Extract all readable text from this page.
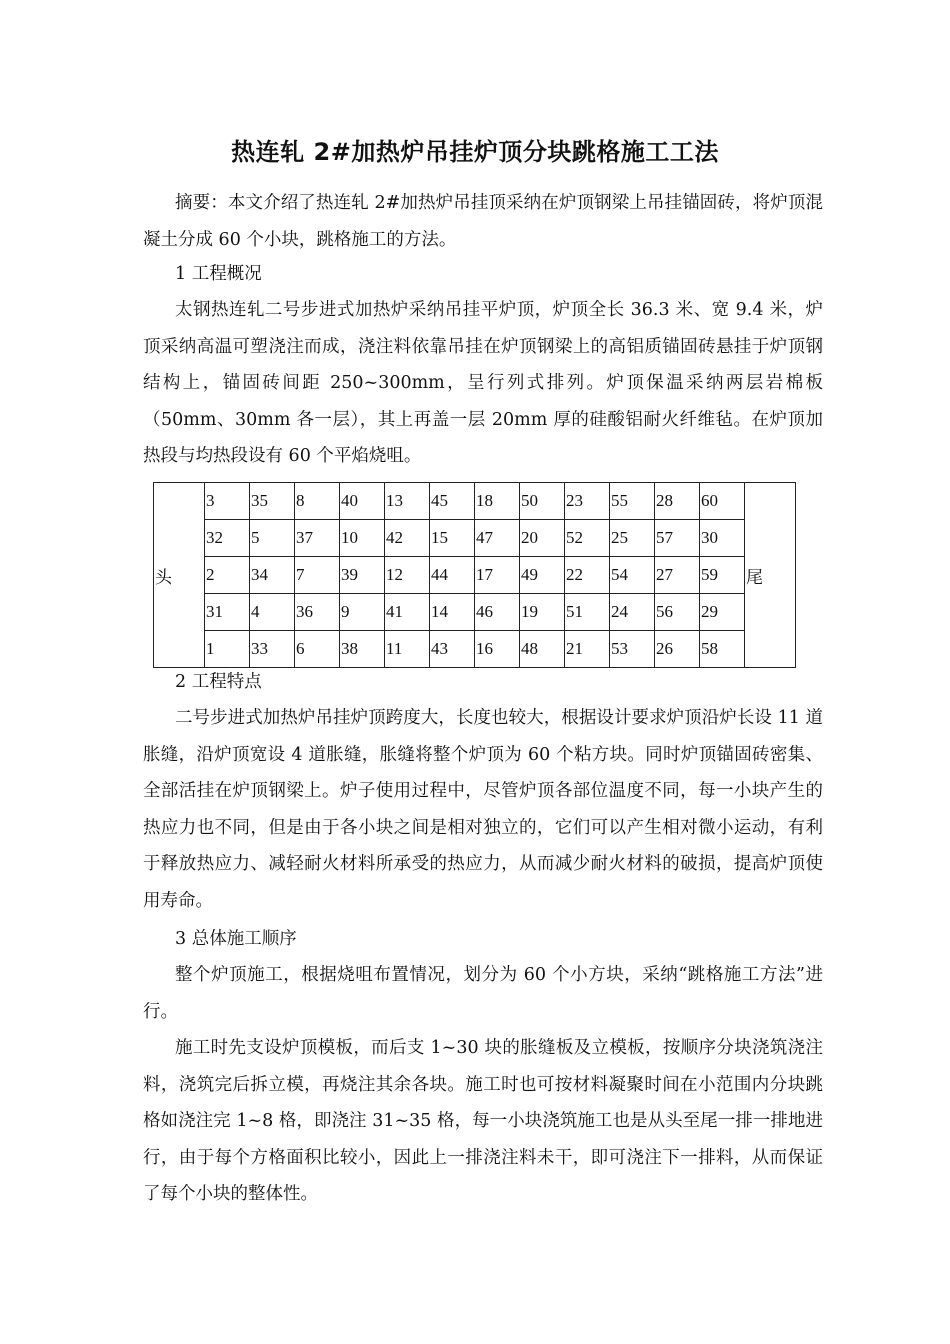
热连轧 2#加热炉吊挂炉顶分块跳格施工工法

摘要：本文介绍了热连轧 2#加热炉吊挂顶采纳在炉顶钢梁上吊挂锚固砖，将炉顶混凝土分成 60 个小块，跳格施工的方法。

1 工程概况

太钢热连轧二号步进式加热炉采纳吊挂平炉顶，炉顶全长 36.3 米、宽 9.4 米，炉顶采纳高温可塑浇注而成，浇注料依靠吊挂在炉顶钢梁上的高铝质锚固砖悬挂于炉顶钢结构上，锚固砖间距 250~300mm，呈行列式排列。炉顶保温采纳两层岩棉板（50mm、30mm 各一层），其上再盖一层 20mm 厚的硅酸铝耐火纤维毡。在炉顶加热段与均热段设有 60 个平焰烧咀。

头	3	35	8	40	13	45	18	50	23	55	28	60	尾
	32	5	37	10	42	15	47	20	52	25	57	30	
	2	34	7	39	12	44	17	49	22	54	27	59	
	31	4	36	9	41	14	46	19	51	24	56	29	
	1	33	6	38	11	43	16	48	21	53	26	58	

2 工程特点

二号步进式加热炉吊挂炉顶跨度大，长度也较大，根据设计要求炉顶沿炉长设 11 道胀缝，沿炉顶宽设 4 道胀缝，胀缝将整个炉顶为 60 个粘方块。同时炉顶锚固砖密集、全部活挂在炉顶钢梁上。炉子使用过程中，尽管炉顶各部位温度不同，每一小块产生的热应力也不同，但是由于各小块之间是相对独立的，它们可以产生相对微小运动，有利于释放热应力、减轻耐火材料所承受的热应力，从而减少耐火材料的破损，提高炉顶使用寿命。

3 总体施工顺序

整个炉顶施工，根据烧咀布置情况，划分为 60 个小方块，采纳“跳格施工方法”进行。

施工时先支设炉顶模板，而后支 1~30 块的胀缝板及立模板，按顺序分块浇筑浇注料，浇筑完后拆立模，再烧注其余各块。施工时也可按材料凝聚时间在小范围内分块跳格如浇注完 1~8 格，即浇注 31~35 格，每一小块浇筑施工也是从头至尾一排一排地进行，由于每个方格面积比较小，因此上一排浇注料未干，即可浇注下一排料，从而保证了每个小块的整体性。
